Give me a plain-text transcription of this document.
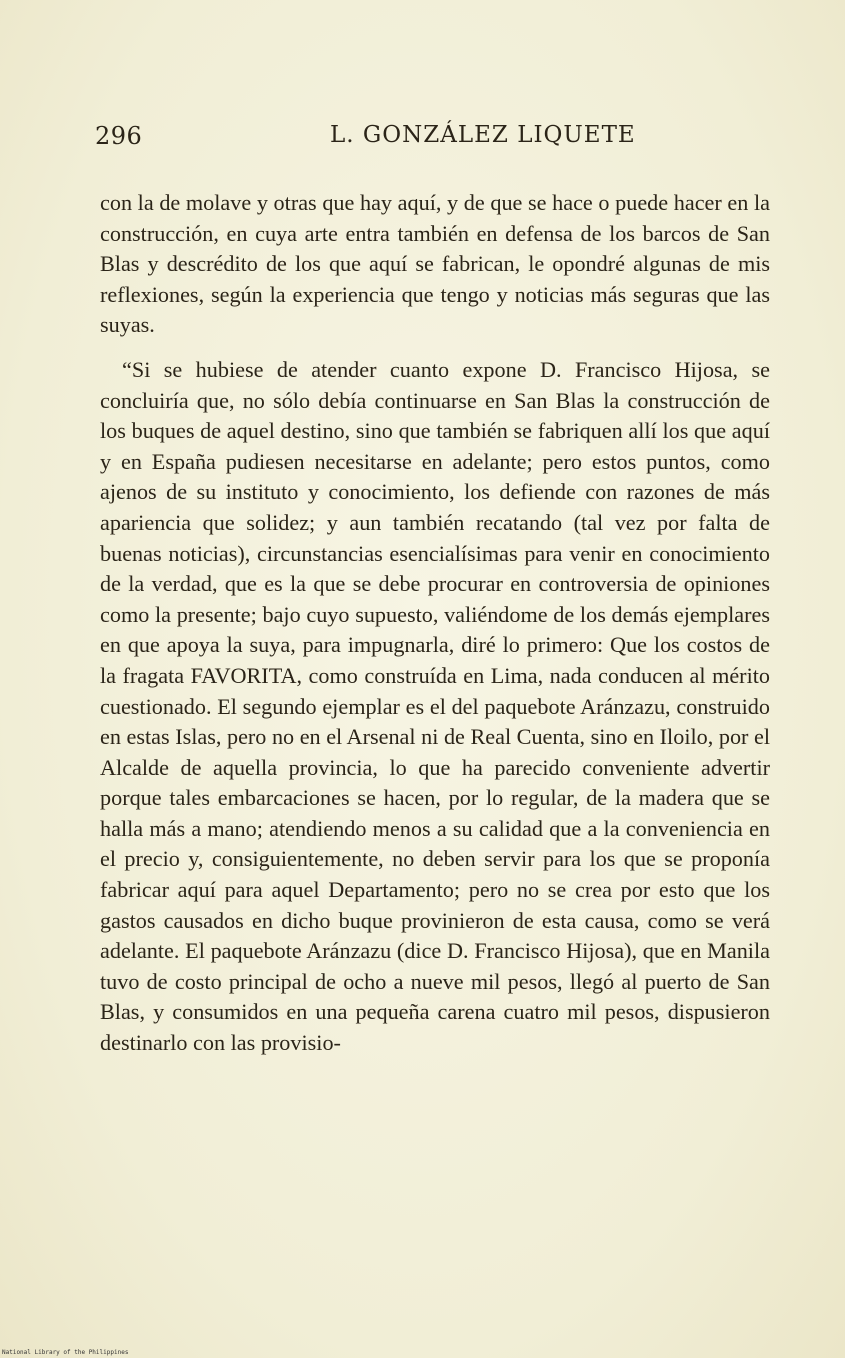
296	L. GONZÁLEZ LIQUETE

con la de molave y otras que hay aquí, y de que se hace o puede hacer en la construcción, en cuya arte entra también en defensa de los barcos de San Blas y descrédito de los que aquí se fabrican, le opondré algunas de mis reflexiones, según la experiencia que tengo y noticias más seguras que las suyas.

“Si se hubiese de atender cuanto expone D. Francisco Hijosa, se concluiría que, no sólo debía continuarse en San Blas la construcción de los buques de aquel destino, sino que también se fabriquen allí los que aquí y en España pudiesen necesitarse en adelante; pero estos puntos, como ajenos de su instituto y conocimiento, los defiende con razones de más apariencia que solidez; y aun también recatando (tal vez por falta de buenas noticias), circunstancias esencialísimas para venir en conocimiento de la verdad, que es la que se debe procurar en controversia de opiniones como la presente; bajo cuyo supuesto, valiéndome de los demás ejemplares en que apoya la suya, para impugnarla, diré lo primero: Que los costos de la fragata FAVORITA, como construída en Lima, nada conducen al mérito cuestionado. El segundo ejemplar es el del paquebote Aránzazu, construido en estas Islas, pero no en el Arsenal ni de Real Cuenta, sino en Iloilo, por el Alcalde de aquella provincia, lo que ha parecido conveniente advertir porque tales embarcaciones se hacen, por lo regular, de la madera que se halla más a mano; atendiendo menos a su calidad que a la conveniencia en el precio y, consiguientemente, no deben servir para los que se proponía fabricar aquí para aquel Departamento; pero no se crea por esto que los gastos causados en dicho buque provinieron de esta causa, como se verá adelante. El paquebote Aránzazu (dice D. Francisco Hijosa), que en Manila tuvo de costo principal de ocho a nueve mil pesos, llegó al puerto de San Blas, y consumidos en una pequeña carena cuatro mil pesos, dispusieron destinarlo con las provisio-

National Library of the Philippines
